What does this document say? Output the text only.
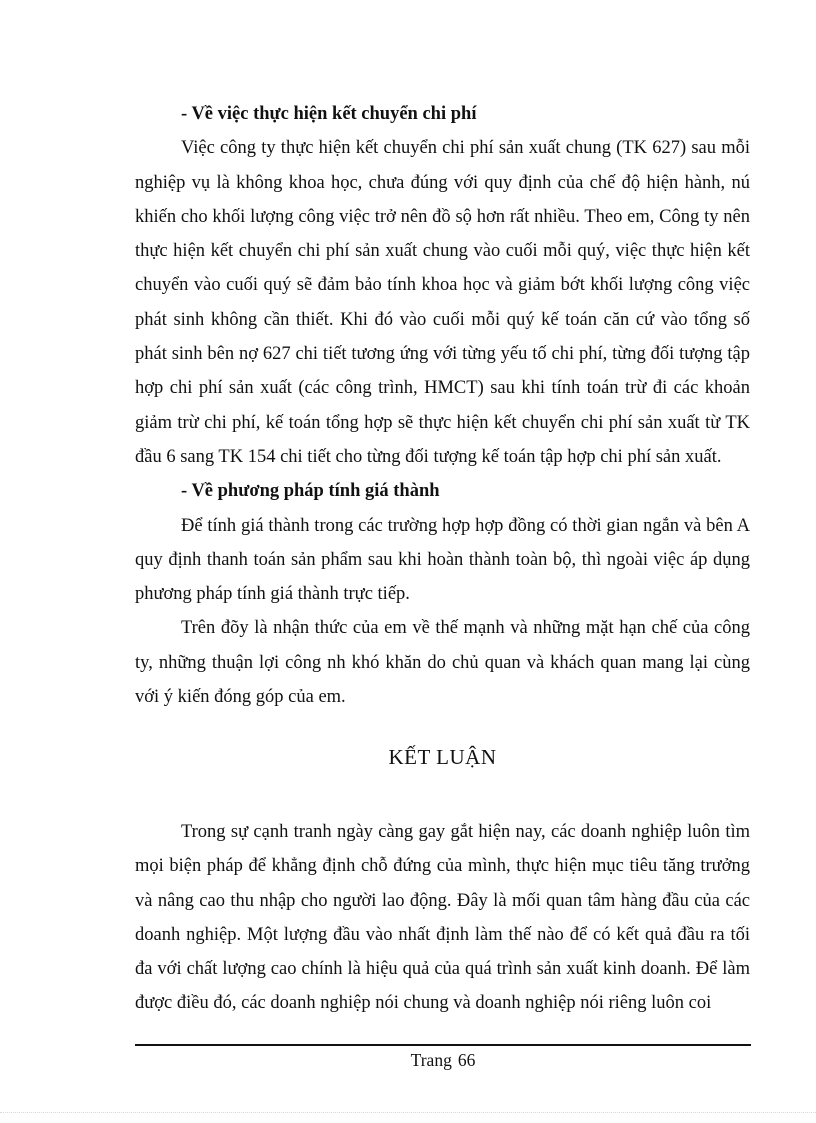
- Về việc thực hiện kết chuyển chi phí

Việc công ty thực hiện kết chuyển chi phí sản xuất chung (TK 627) sau mỗi nghiệp vụ là không khoa học, chưa đúng với quy định của chế độ hiện hành, nú khiến cho khối lượng công việc trở nên đồ sộ hơn rất nhiều. Theo em, Công ty nên thực hiện kết chuyển chi phí sản xuất chung vào cuối mỗi quý, việc thực hiện kết chuyển vào cuối quý sẽ đảm bảo tính khoa học và giảm bớt khối lượng công việc phát sinh không cần thiết. Khi đó vào cuối mỗi quý kế toán căn cứ vào tổng số phát sinh bên nợ 627 chi tiết tương ứng với từng yếu tố chi phí, từng đối tượng tập hợp chi phí sản xuất (các công trình, HMCT) sau khi tính toán trừ đi các khoản giảm trừ chi phí, kế toán tổng hợp sẽ thực hiện kết chuyển chi phí sản xuất từ TK đầu 6 sang TK 154 chi tiết cho từng đối tượng kế toán tập hợp chi phí sản xuất.

- Về phương pháp tính giá thành

Để tính giá thành trong các trường hợp hợp đồng có thời gian ngắn và bên A quy định thanh toán sản phẩm sau khi hoàn thành toàn bộ, thì ngoài việc áp dụng phương pháp tính giá thành trực tiếp.

Trên đõy là nhận thức của em về thế mạnh và những mặt hạn chế của công ty, những thuận lợi công nh khó khăn do chủ quan và khách quan mang lại cùng với ý kiến đóng góp của em.

KẾT LUẬN

Trong sự cạnh tranh ngày càng gay gắt hiện nay, các doanh nghiệp luôn tìm mọi biện pháp để khẳng định chỗ đứng của mình, thực hiện mục tiêu tăng trưởng và nâng cao thu nhập cho người lao động. Đây là mối quan tâm hàng đầu của các doanh nghiệp. Một lượng đầu vào nhất định làm thế nào để có kết quả đầu ra tối đa với chất lượng cao chính là hiệu quả của quá trình sản xuất kinh doanh. Để làm được điều đó, các doanh nghiệp nói chung và doanh nghiệp nói riêng luôn coi

Trang 66
